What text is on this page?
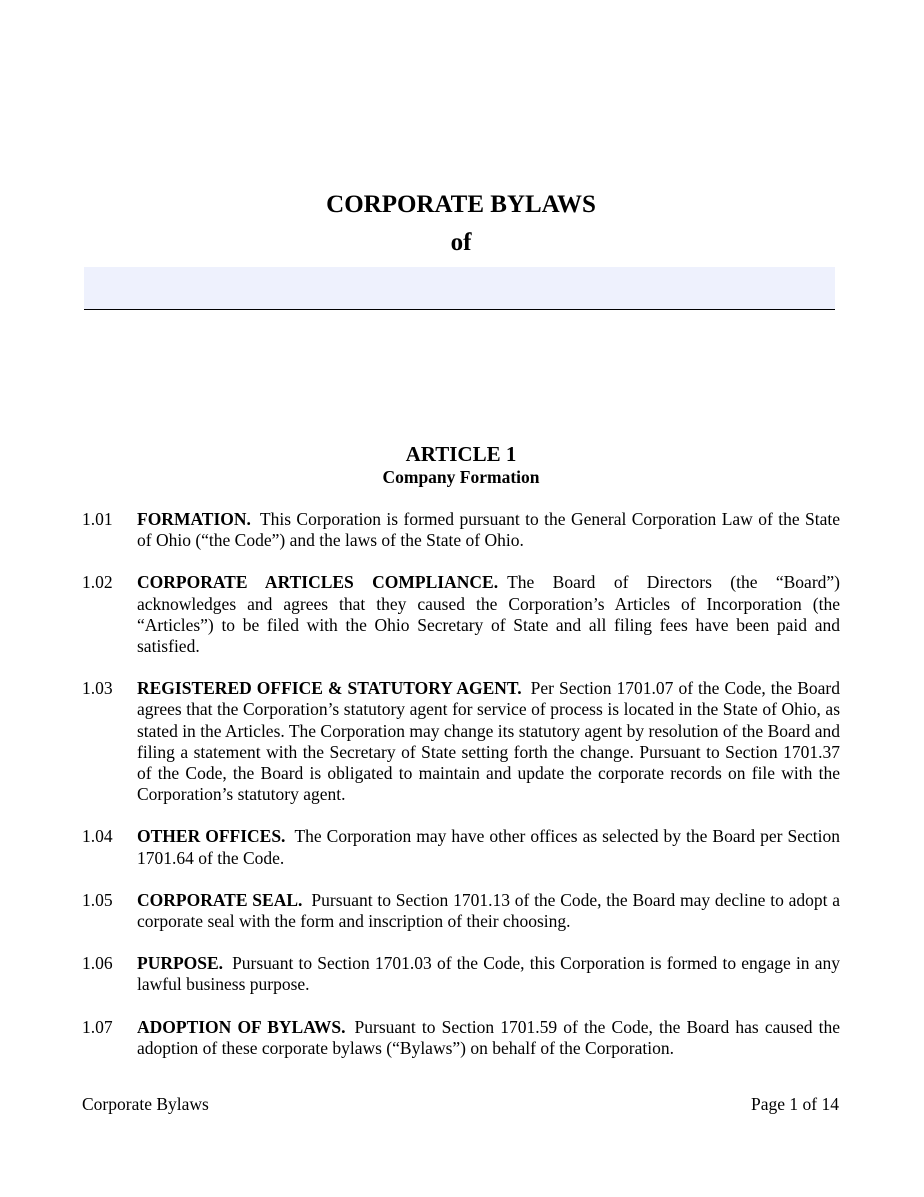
CORPORATE BYLAWS
of
ARTICLE 1
Company Formation
1.01	FORMATION. This Corporation is formed pursuant to the General Corporation Law of the State of Ohio (“the Code”) and the laws of the State of Ohio.
1.02	CORPORATE ARTICLES COMPLIANCE. The Board of Directors (the “Board”) acknowledges and agrees that they caused the Corporation’s Articles of Incorporation (the “Articles”) to be filed with the Ohio Secretary of State and all filing fees have been paid and satisfied.
1.03	REGISTERED OFFICE & STATUTORY AGENT. Per Section 1701.07 of the Code, the Board agrees that the Corporation’s statutory agent for service of process is located in the State of Ohio, as stated in the Articles. The Corporation may change its statutory agent by resolution of the Board and filing a statement with the Secretary of State setting forth the change. Pursuant to Section 1701.37 of the Code, the Board is obligated to maintain and update the corporate records on file with the Corporation’s statutory agent.
1.04	OTHER OFFICES. The Corporation may have other offices as selected by the Board per Section 1701.64 of the Code.
1.05	CORPORATE SEAL. Pursuant to Section 1701.13 of the Code, the Board may decline to adopt a corporate seal with the form and inscription of their choosing.
1.06	PURPOSE. Pursuant to Section 1701.03 of the Code, this Corporation is formed to engage in any lawful business purpose.
1.07	ADOPTION OF BYLAWS. Pursuant to Section 1701.59 of the Code, the Board has caused the adoption of these corporate bylaws (“Bylaws”) on behalf of the Corporation.
Corporate Bylaws	Page 1 of 14
